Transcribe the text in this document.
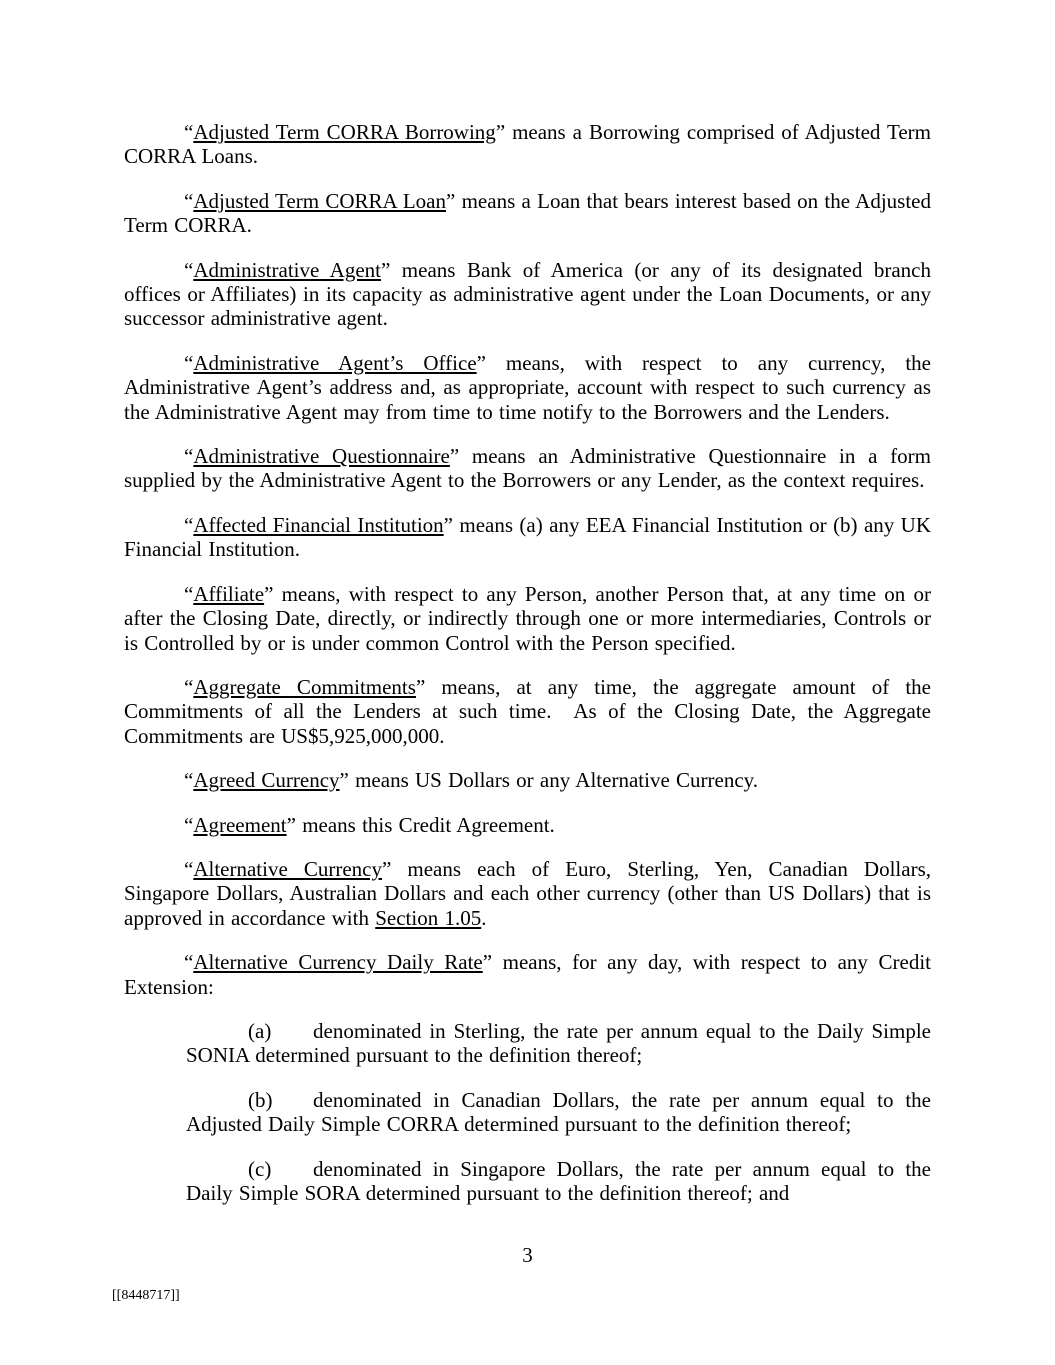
“Adjusted Term CORRA Borrowing” means a Borrowing comprised of Adjusted Term CORRA Loans.

“Adjusted Term CORRA Loan” means a Loan that bears interest based on the Adjusted Term CORRA.

“Administrative Agent” means Bank of America (or any of its designated branch offices or Affiliates) in its capacity as administrative agent under the Loan Documents, or any successor administrative agent.

“Administrative Agent’s Office” means, with respect to any currency, the Administrative Agent’s address and, as appropriate, account with respect to such currency as the Administrative Agent may from time to time notify to the Borrowers and the Lenders.

“Administrative Questionnaire” means an Administrative Questionnaire in a form supplied by the Administrative Agent to the Borrowers or any Lender, as the context requires.

“Affected Financial Institution” means (a) any EEA Financial Institution or (b) any UK Financial Institution.

“Affiliate” means, with respect to any Person, another Person that, at any time on or after the Closing Date, directly, or indirectly through one or more intermediaries, Controls or is Controlled by or is under common Control with the Person specified.

“Aggregate Commitments” means, at any time, the aggregate amount of the Commitments of all the Lenders at such time.  As of the Closing Date, the Aggregate Commitments are US$5,925,000,000.

“Agreed Currency” means US Dollars or any Alternative Currency.

“Agreement” means this Credit Agreement.

“Alternative Currency” means each of Euro, Sterling, Yen, Canadian Dollars, Singapore Dollars, Australian Dollars and each other currency (other than US Dollars) that is approved in accordance with Section 1.05.

“Alternative Currency Daily Rate” means, for any day, with respect to any Credit Extension:

(a) denominated in Sterling, the rate per annum equal to the Daily Simple SONIA determined pursuant to the definition thereof;

(b) denominated in Canadian Dollars, the rate per annum equal to the Adjusted Daily Simple CORRA determined pursuant to the definition thereof;

(c) denominated in Singapore Dollars, the rate per annum equal to the Daily Simple SORA determined pursuant to the definition thereof; and

3
[[8448717]]
